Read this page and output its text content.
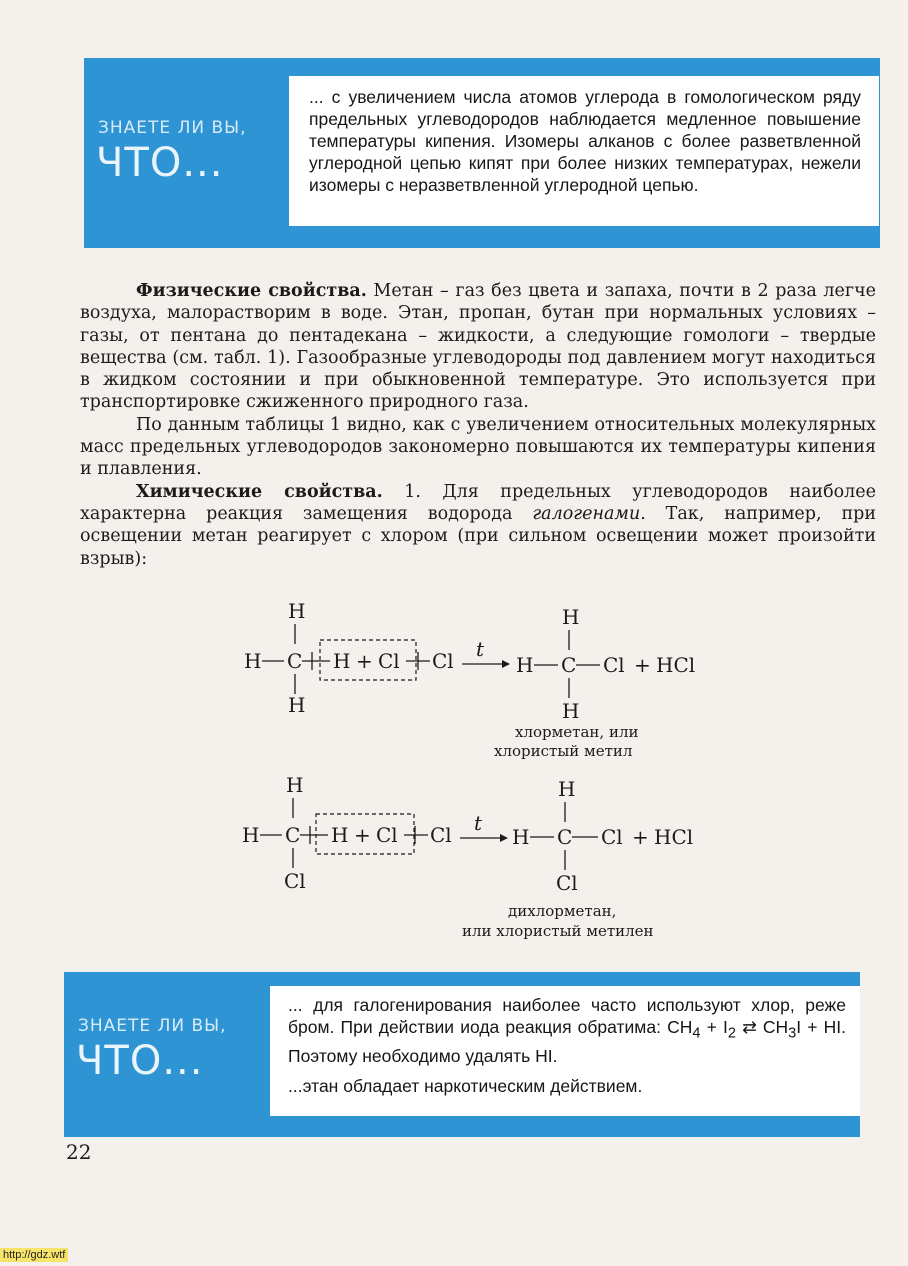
ЗНАЕТЕ ЛИ ВЫ,
ЧТО...
... с увеличением числа атомов углерода в гомологическом ряду предельных углеводородов наблюдается медленное повышение температуры кипения. Изомеры алканов с более разветвленной углеродной цепью кипят при более низких температурах, нежели изомеры с неразветвленной углеродной цепью.

Физические свойства. Метан – газ без цвета и запаха, почти в 2 раза легче воздуха, малорастворим в воде. Этан, пропан, бутан при нормальных условиях – газы, от пентана до пентадекана – жидкости, а следующие гомологи – твердые вещества (см. табл. 1). Газообразные углеводороды под давлением могут находиться в жидком состоянии и при обыкновенной температуре. Это используется при транспортировке сжиженного природного газа.

По данным таблицы 1 видно, как с увеличением относительных молекулярных масс предельных углеводородов закономерно повышаются их температуры кипения и плавления.

Химические свойства. 1. Для предельных углеводородов наиболее характерна реакция замещения водорода галогенами. Так, например, при освещении метан реагирует с хлором (при сильном освещении может произойти взрыв):

H
H C H + Cl Cl
H
t
H
H C Cl + HCl
H
хлорметан, или
хлористый метил
H
H C H + Cl Cl
Cl
t
H
H C Cl + HCl
Cl
дихлорметан,
или хлористый метилен
ЗНАЕТЕ ЛИ ВЫ,
ЧТО...

... для галогенирования наиболее часто используют хлор, реже бром. При действии иода реакция обратима: $CH_4 + I_2$ ⇄ $CH_3I$ + HI. Поэтому необходимо удалять HI.

...этан обладает наркотическим действием.

22
http://gdz.wtf
